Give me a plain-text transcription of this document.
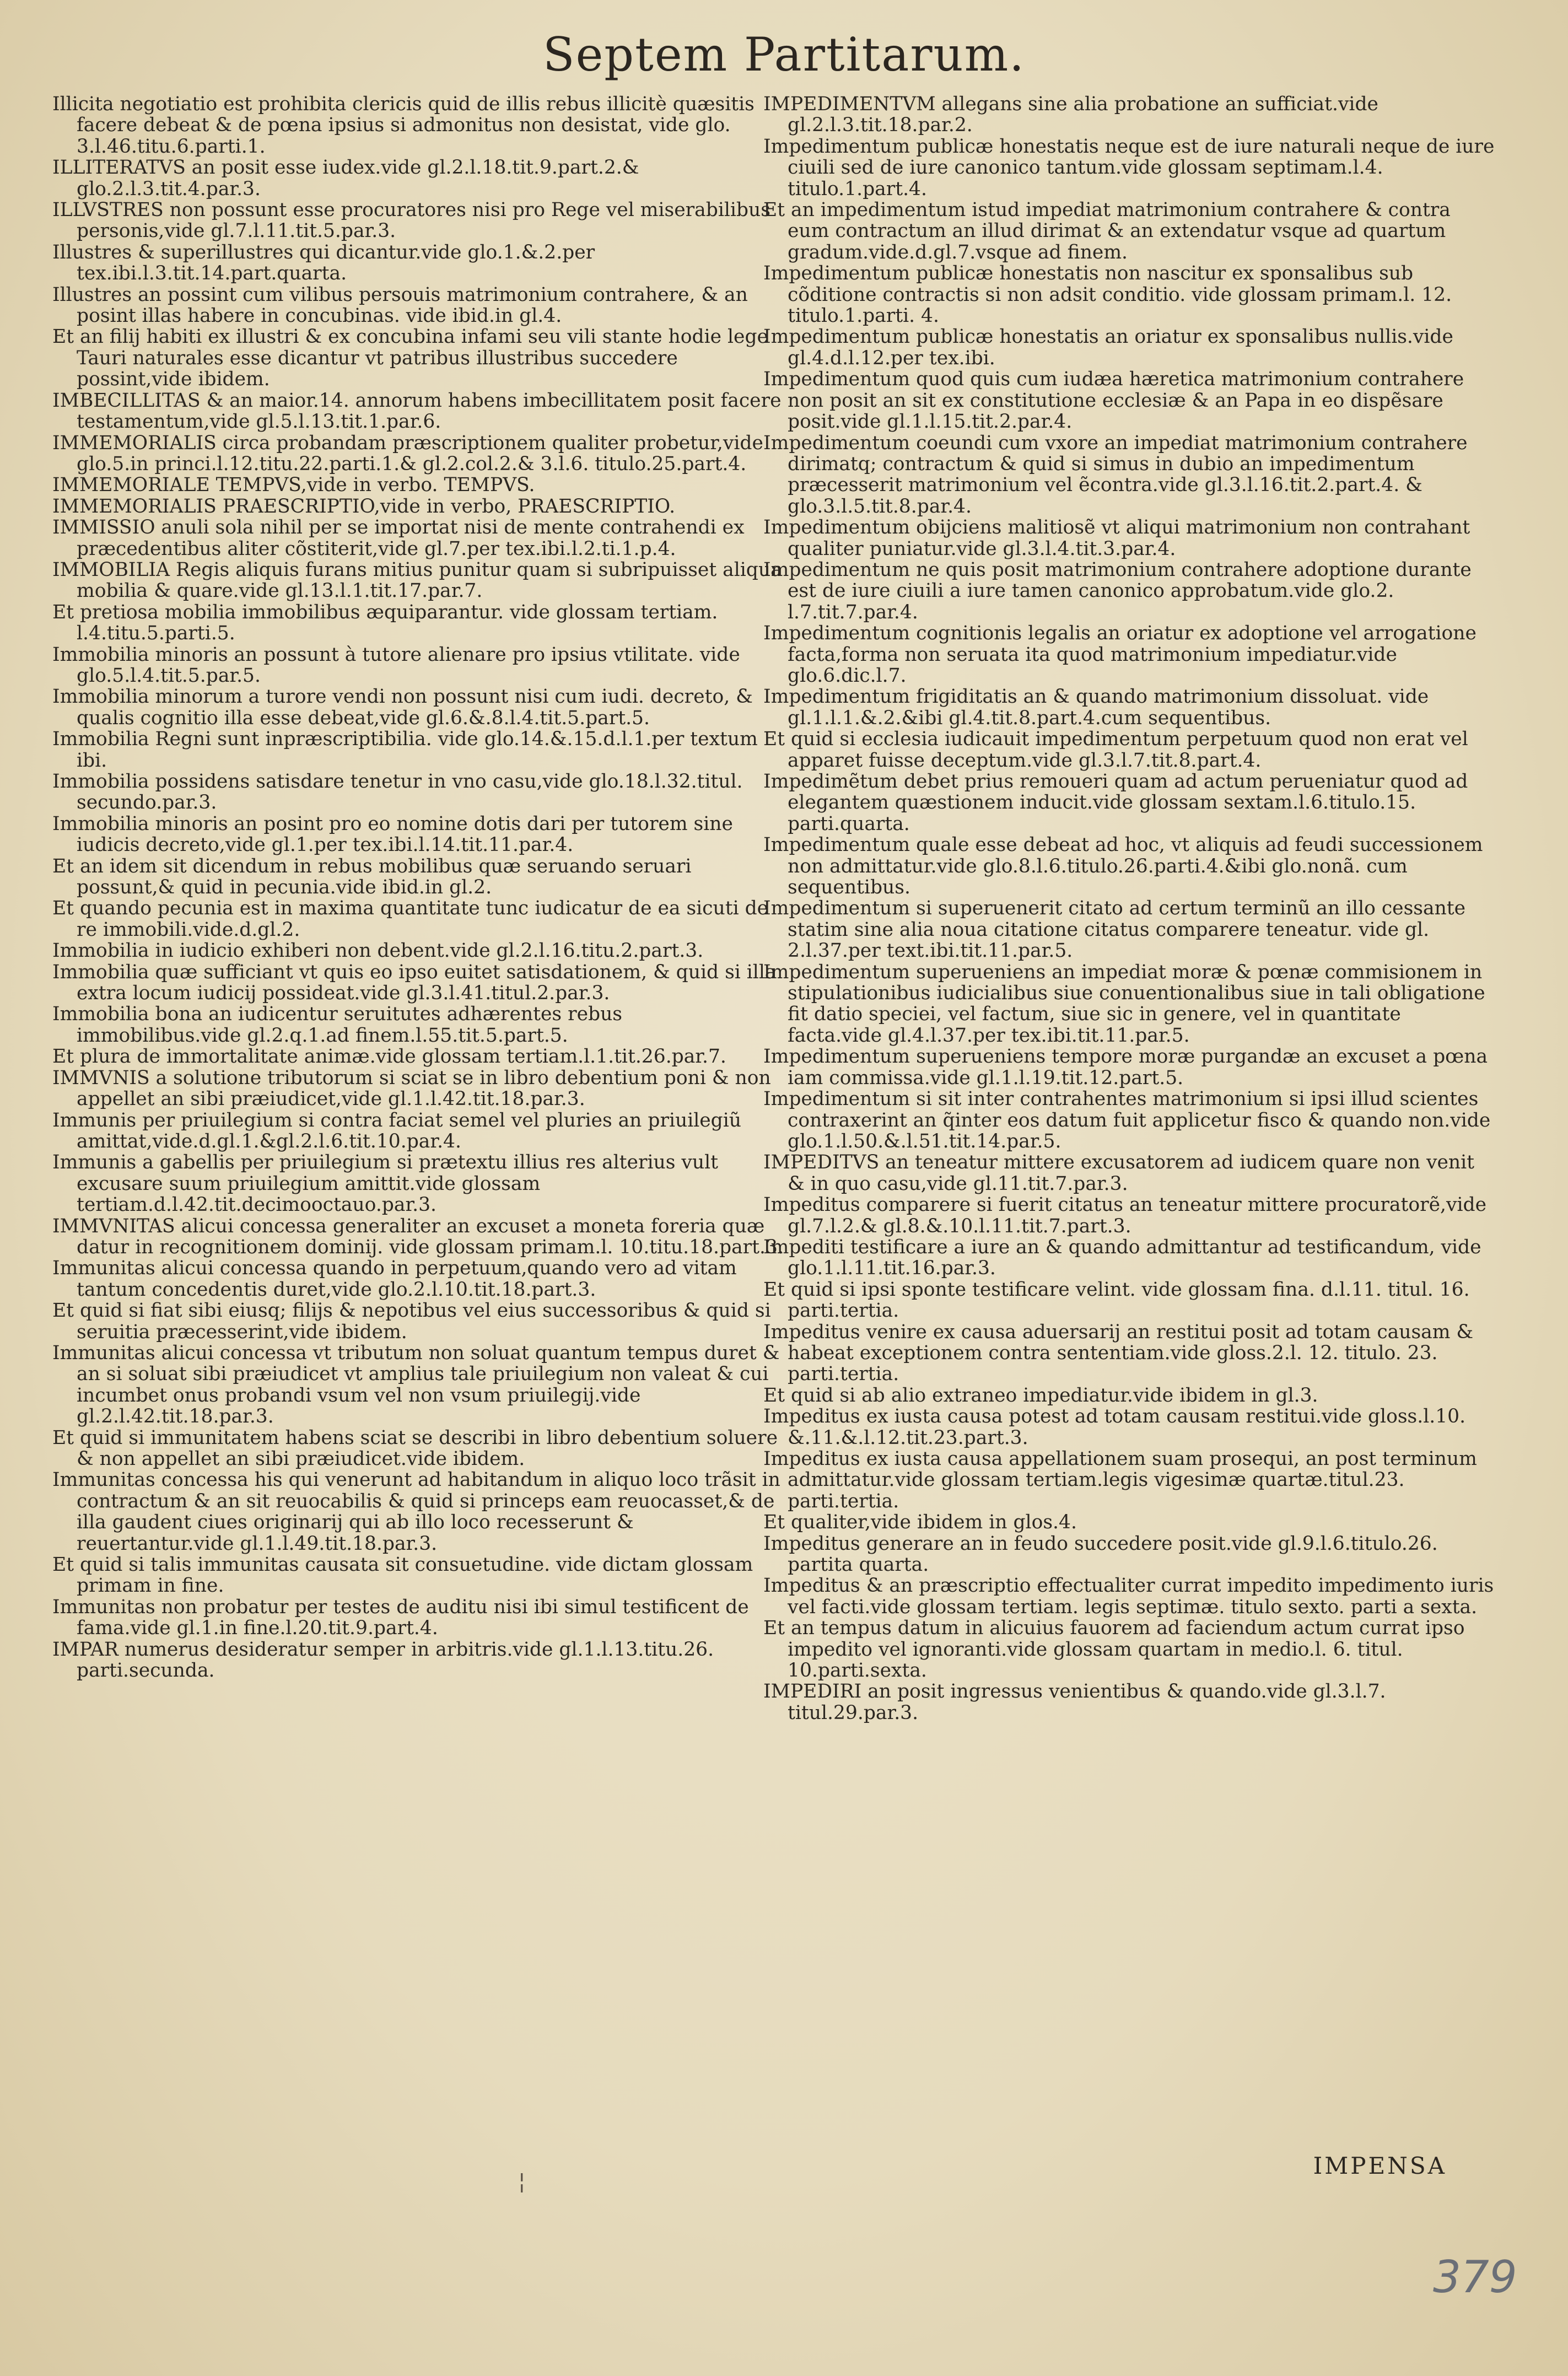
Septem Partitarum.
Illicita negotiatio est prohibita clericis quid de illis rebus illicitè quæsitis facere debeat & de pœna ipsius si admonitus non desistat, vide glo. 3.l.46.titu.6.parti.1.
ILLITERATVS an posit esse iudex.vide gl.2.l.18.tit.9.part.2.& glo.2.l.3.tit.4.par.3.
ILLVSTRES non possunt esse procuratores nisi pro Rege vel miserabilibus personis,vide gl.7.l.11.tit.5.par.3.
Illustres & superillustres qui dicantur.vide glo.1.&.2.per tex.ibi.l.3.tit.14.part.quarta.
Illustres an possint cum vilibus persouis matrimonium contrahere, & an posint illas habere in concubinas. vide ibid.in gl.4.
Et an filij habiti ex illustri & ex concubina infami seu vili stante hodie lege Tauri naturales esse dicantur vt patribus illustribus succedere possint,vide ibidem.
IMBECILLITAS & an maior.14. annorum habens imbecillitatem posit facere testamentum,vide gl.5.l.13.tit.1.par.6.
IMMEMORIALIS circa probandam præscriptionem qualiter probetur,vide glo.5.in princi.l.12.titu.22.parti.1.& gl.2.col.2.& 3.l.6. titulo.25.part.4.
IMMEMORIALE TEMPVS,vide in verbo. TEMPVS.
IMMEMORIALIS PRAESCRIPTIO,vide in verbo, PRAESCRIPTIO.
IMMISSIO anuli sola nihil per se importat nisi de mente contrahendi ex præcedentibus aliter cõstiterit,vide gl.7.per tex.ibi.l.2.ti.1.p.4.
IMMOBILIA Regis aliquis furans mitius punitur quam si subripuisset aliqua mobilia & quare.vide gl.13.l.1.tit.17.par.7.
Et pretiosa mobilia immobilibus æquiparantur. vide glossam tertiam. l.4.titu.5.parti.5.
Immobilia minoris an possunt à tutore alienare pro ipsius vtilitate. vide glo.5.l.4.tit.5.par.5.
Immobilia minorum a turore vendi non possunt nisi cum iudi. decreto, & qualis cognitio illa esse debeat,vide gl.6.&.8.l.4.tit.5.part.5.
Immobilia Regni sunt inpræscriptibilia. vide glo.14.&.15.d.l.1.per textum ibi.
Immobilia possidens satisdare tenetur in vno casu,vide glo.18.l.32.titul. secundo.par.3.
Immobilia minoris an posint pro eo nomine dotis dari per tutorem sine iudicis decreto,vide gl.1.per tex.ibi.l.14.tit.11.par.4.
Et an idem sit dicendum in rebus mobilibus quæ seruando seruari possunt,& quid in pecunia.vide ibid.in gl.2.
Et quando pecunia est in maxima quantitate tunc iudicatur de ea sicuti de re immobili.vide.d.gl.2.
Immobilia in iudicio exhiberi non debent.vide gl.2.l.16.titu.2.part.3.
Immobilia quæ sufficiant vt quis eo ipso euitet satisdationem, & quid si illa extra locum iudicij possideat.vide gl.3.l.41.titul.2.par.3.
Immobilia bona an iudicentur seruitutes adhærentes rebus immobilibus.vide gl.2.q.1.ad finem.l.55.tit.5.part.5.
Et plura de immortalitate animæ.vide glossam tertiam.l.1.tit.26.par.7.
IMMVNIS a solutione tributorum si sciat se in libro debentium poni & non appellet an sibi præiudicet,vide gl.1.l.42.tit.18.par.3.
Immunis per priuilegium si contra faciat semel vel pluries an priuilegiũ amittat,vide.d.gl.1.&gl.2.l.6.tit.10.par.4.
Immunis a gabellis per priuilegium si prætextu illius res alterius vult excusare suum priuilegium amittit.vide glossam tertiam.d.l.42.tit.decimooctauo.par.3.
IMMVNITAS alicui concessa generaliter an excuset a moneta foreria quæ datur in recognitionem dominij. vide glossam primam.l. 10.titu.18.part.3.
Immunitas alicui concessa quando in perpetuum,quando vero ad vitam tantum concedentis duret,vide glo.2.l.10.tit.18.part.3.
Et quid si fiat sibi eiusq; filijs & nepotibus vel eius successoribus & quid si seruitia præcesserint,vide ibidem.
Immunitas alicui concessa vt tributum non soluat quantum tempus duret & an si soluat sibi præiudicet vt amplius tale priuilegium non valeat & cui incumbet onus probandi vsum vel non vsum priuilegij.vide gl.2.l.42.tit.18.par.3.
Et quid si immunitatem habens sciat se describi in libro debentium soluere & non appellet an sibi præiudicet.vide ibidem.
Immunitas concessa his qui venerunt ad habitandum in aliquo loco trãsit in contractum & an sit reuocabilis & quid si princeps eam reuocasset,& de illa gaudent ciues originarij qui ab illo loco recesserunt & reuertantur.vide gl.1.l.49.tit.18.par.3.
Et quid si talis immunitas causata sit consuetudine. vide dictam glossam primam in fine.
Immunitas non probatur per testes de auditu nisi ibi simul testificent de fama.vide gl.1.in fine.l.20.tit.9.part.4.
IMPAR numerus desideratur semper in arbitris.vide gl.1.l.13.titu.26. parti.secunda.
IMPEDIMENTVM allegans sine alia probatione an sufficiat.vide gl.2.l.3.tit.18.par.2.
Impedimentum publicæ honestatis neque est de iure naturali neque de iure ciuili sed de iure canonico tantum.vide glossam septimam.l.4. titulo.1.part.4.
Et an impedimentum istud impediat matrimonium contrahere & contra eum contractum an illud dirimat & an extendatur vsque ad quartum gradum.vide.d.gl.7.vsque ad finem.
Impedimentum publicæ honestatis non nascitur ex sponsalibus sub cõditione contractis si non adsit conditio. vide glossam primam.l. 12. titulo.1.parti. 4.
Impedimentum publicæ honestatis an oriatur ex sponsalibus nullis.vide gl.4.d.l.12.per tex.ibi.
Impedimentum quod quis cum iudæa hæretica matrimonium contrahere non posit an sit ex constitutione ecclesiæ & an Papa in eo dispẽsare posit.vide gl.1.l.15.tit.2.par.4.
Impedimentum coeundi cum vxore an impediat matrimonium contrahere dirimatq; contractum & quid si simus in dubio an impedimentum præcesserit matrimonium vel ẽcontra.vide gl.3.l.16.tit.2.part.4. & glo.3.l.5.tit.8.par.4.
Impedimentum obijciens malitiosẽ vt aliqui matrimonium non contrahant qualiter puniatur.vide gl.3.l.4.tit.3.par.4.
Impedimentum ne quis posit matrimonium contrahere adoptione durante est de iure ciuili a iure tamen canonico approbatum.vide glo.2. l.7.tit.7.par.4.
Impedimentum cognitionis legalis an oriatur ex adoptione vel arrogatione facta,forma non seruata ita quod matrimonium impediatur.vide glo.6.dic.l.7.
Impedimentum frigiditatis an & quando matrimonium dissoluat. vide gl.1.l.1.&.2.&ibi gl.4.tit.8.part.4.cum sequentibus.
Et quid si ecclesia iudicauit impedimentum perpetuum quod non erat vel apparet fuisse deceptum.vide gl.3.l.7.tit.8.part.4.
Impedimẽtum debet prius remoueri quam ad actum perueniatur quod ad elegantem quæstionem inducit.vide glossam sextam.l.6.titulo.15. parti.quarta.
Impedimentum quale esse debeat ad hoc, vt aliquis ad feudi successionem non admittatur.vide glo.8.l.6.titulo.26.parti.4.&ibi glo.nonã. cum sequentibus.
Impedimentum si superuenerit citato ad certum terminũ an illo cessante statim sine alia noua citatione citatus comparere teneatur. vide gl. 2.l.37.per text.ibi.tit.11.par.5.
Impedimentum superueniens an impediat moræ & pœnæ commisionem in stipulationibus iudicialibus siue conuentionalibus siue in tali obligatione fit datio speciei, vel factum, siue sic in genere, vel in quantitate facta.vide gl.4.l.37.per tex.ibi.tit.11.par.5.
Impedimentum superueniens tempore moræ purgandæ an excuset a pœna iam commissa.vide gl.1.l.19.tit.12.part.5.
Impedimentum si sit inter contrahentes matrimonium si ipsi illud scientes contraxerint an q̃inter eos datum fuit applicetur fisco & quando non.vide glo.1.l.50.&.l.51.tit.14.par.5.
IMPEDITVS an teneatur mittere excusatorem ad iudicem quare non venit & in quo casu,vide gl.11.tit.7.par.3.
Impeditus comparere si fuerit citatus an teneatur mittere procuratorẽ,vide gl.7.l.2.& gl.8.&.10.l.11.tit.7.part.3.
Impediti testificare a iure an & quando admittantur ad testificandum, vide glo.1.l.11.tit.16.par.3.
Et quid si ipsi sponte testificare velint. vide glossam fina. d.l.11. titul. 16. parti.tertia.
Impeditus venire ex causa aduersarij an restitui posit ad totam causam & habeat exceptionem contra sententiam.vide gloss.2.l. 12. titulo. 23. parti.tertia.
Et quid si ab alio extraneo impediatur.vide ibidem in gl.3.
Impeditus ex iusta causa potest ad totam causam restitui.vide gloss.l.10. &.11.&.l.12.tit.23.part.3.
Impeditus ex iusta causa appellationem suam prosequi, an post terminum admittatur.vide glossam tertiam.legis vigesimæ quartæ.titul.23. parti.tertia.
Et qualiter,vide ibidem in glos.4.
Impeditus generare an in feudo succedere posit.vide gl.9.l.6.titulo.26. partita quarta.
Impeditus & an præscriptio effectualiter currat impedito impedimento iuris vel facti.vide glossam tertiam. legis septimæ. titulo sexto. parti a sexta.
Et an tempus datum in alicuius fauorem ad faciendum actum currat ipso impedito vel ignoranti.vide glossam quartam in medio.l. 6. titul. 10.parti.sexta.
IMPEDIRI an posit ingressus venientibus & quando.vide gl.3.l.7. titul.29.par.3.
¦
IMPENSA
379
